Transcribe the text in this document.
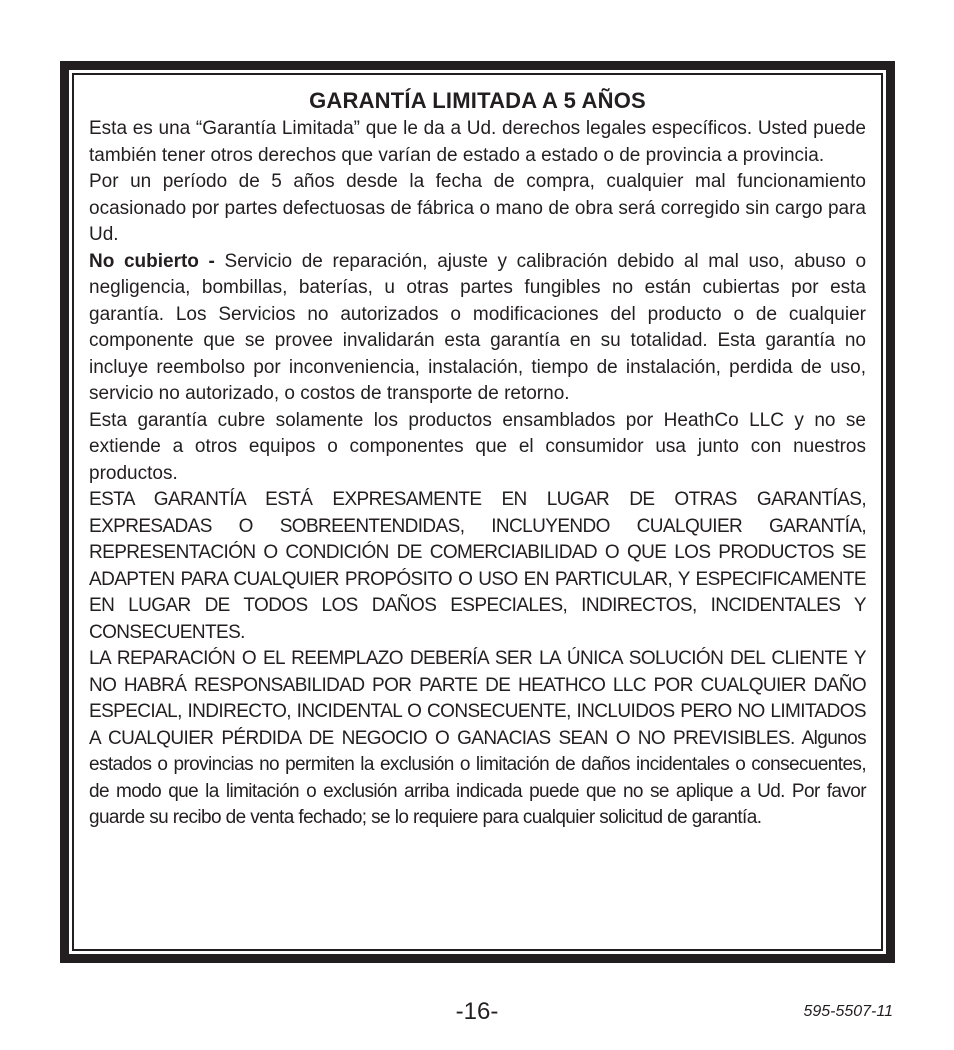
GARANTÍA LIMITADA A 5 AÑOS

Esta es una “Garantía Limitada” que le da a Ud. derechos legales específicos. Usted puede también tener otros derechos que varían de estado a estado o de provincia a provincia.

Por un período de 5 años desde la fecha de compra, cualquier mal funcionamiento ocasionado por partes defectuosas de fábrica o mano de obra será corregido sin cargo para Ud.

No cubierto - Servicio de reparación, ajuste y calibración debido al mal uso, abuso o negligencia, bombillas, baterías, u otras partes fungibles no están cubiertas por esta garantía. Los Servicios no autorizados o modificaciones del producto o de cualquier componente que se provee invalidarán esta garantía en su totalidad. Esta garantía no incluye reembolso por inconveniencia, instalación, tiempo de instalación, perdida de uso, servicio no autorizado, o costos de transporte de retorno.

Esta garantía cubre solamente los productos ensamblados por HeathCo LLC y no se extiende a otros equipos o componentes que el consumidor usa junto con nuestros productos.

ESTA GARANTÍA ESTÁ EXPRESAMENTE EN LUGAR DE OTRAS GARANTÍAS, EXPRESADAS O SOBREENTENDIDAS, INCLUYENDO CUALQUIER GARANTÍA, REPRESENTACIÓN O CONDICIÓN DE COMERCIABILIDAD O QUE LOS PRODUCTOS SE ADAPTEN PARA CUALQUIER PROPÓSITO O USO EN PARTICULAR, Y ESPECIFICAMENTE EN LUGAR DE TODOS LOS DAÑOS ESPECIALES, INDIRECTOS, INCIDENTALES Y CONSECUENTES.

LA REPARACIÓN O EL REEMPLAZO DEBERÍA SER LA ÚNICA SOLUCIÓN DEL CLIENTE Y NO HABRÁ RESPONSABILIDAD POR PARTE DE HEATHCO LLC POR CUALQUIER DAÑO ESPECIAL, INDIRECTO, INCIDENTAL O CONSECUENTE, INCLUIDOS PERO NO LIMITADOS A CUALQUIER PÉRDIDA DE NEGOCIO O GANACIAS SEAN O NO PREVISIBLES. Algunos estados o provincias no permiten la exclusión o limitación de daños incidentales o consecuentes, de modo que la limitación o exclusión arriba indicada puede que no se aplique a Ud. Por favor guarde su recibo de venta fechado; se lo requiere para cualquier solicitud de garantía.

-16-	595-5507-11
